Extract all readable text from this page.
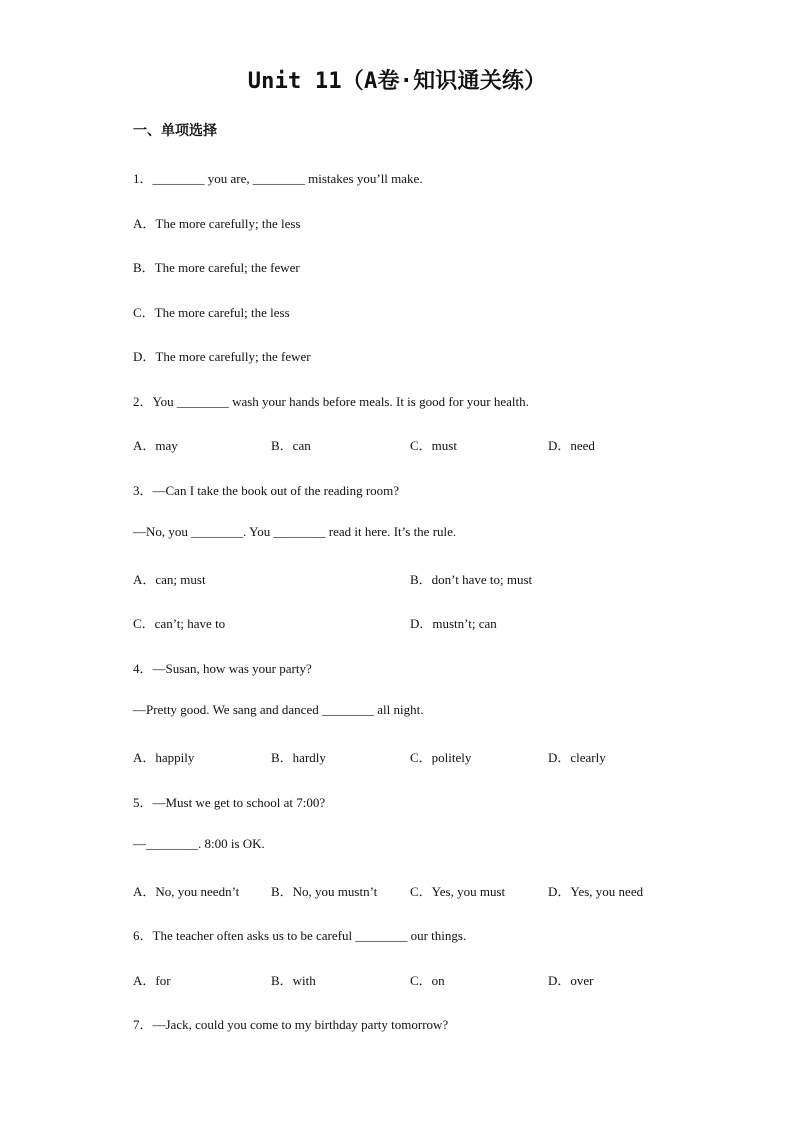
Unit 11（A卷·知识通关练）
一、单项选择
1．________ you are, ________ mistakes you’ll make.
A．The more carefully; the less
B．The more careful; the fewer
C．The more careful; the less
D．The more carefully; the fewer
2．You ________ wash your hands before meals. It is good for your health.
A．may	B．can	C．must	D．need
3．—Can I take the book out of the reading room?
—No, you ________. You ________ read it here. It’s the rule.
A．can; must	B．don’t have to; must
C．can’t; have to	D．mustn’t; can
4．—Susan, how was your party?
—Pretty good. We sang and danced ________ all night.
A．happily	B．hardly	C．politely	D．clearly
5．—Must we get to school at 7:00?
—________. 8:00 is OK.
A．No, you needn’t B．No, you mustn’t	C．Yes, you must	D．Yes, you need
6．The teacher often asks us to be careful ________ our things.
A．for	B．with	C．on	D．over
7．—Jack, could you come to my birthday party tomorrow?
